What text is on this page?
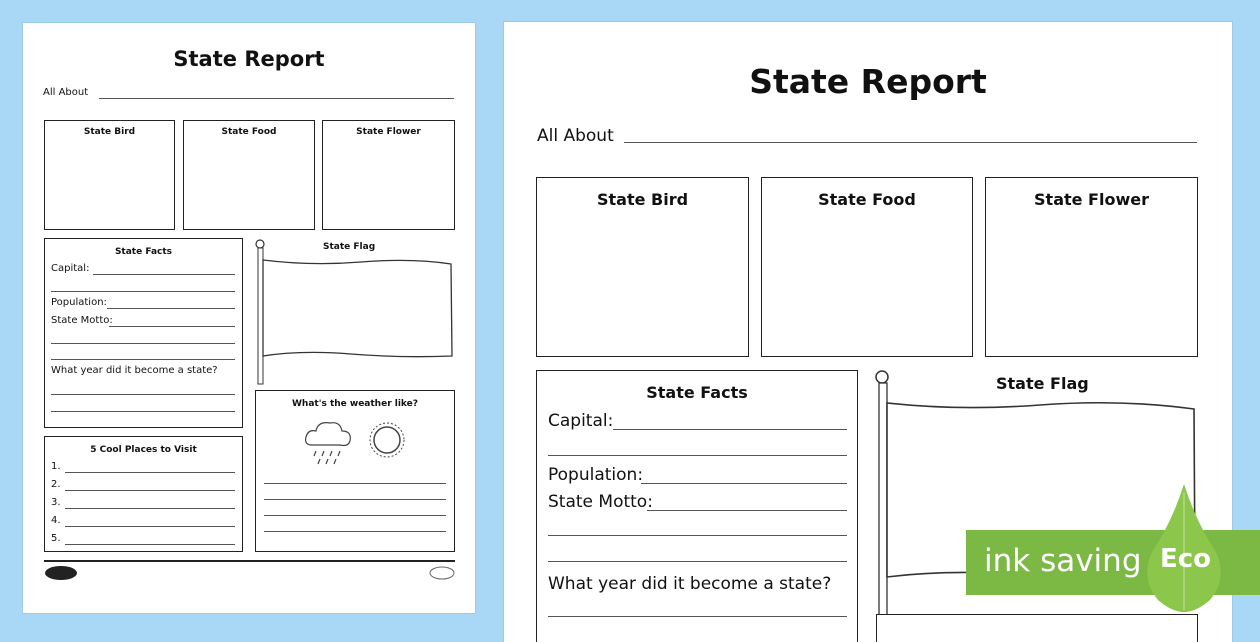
State Report
All About
State Bird	State Food	State Flower
State Facts
Capital:
Population:
State Motto:
What year did it become a state?
State Flag
What's the weather like?
5 Cool Places to Visit
1.
2.
3.
4.
5.
State Report
All About
State Bird	State Food	State Flower
State Facts
Capital:
Population:
State Motto:
What year did it become a state?
State Flag
ink saving Eco
